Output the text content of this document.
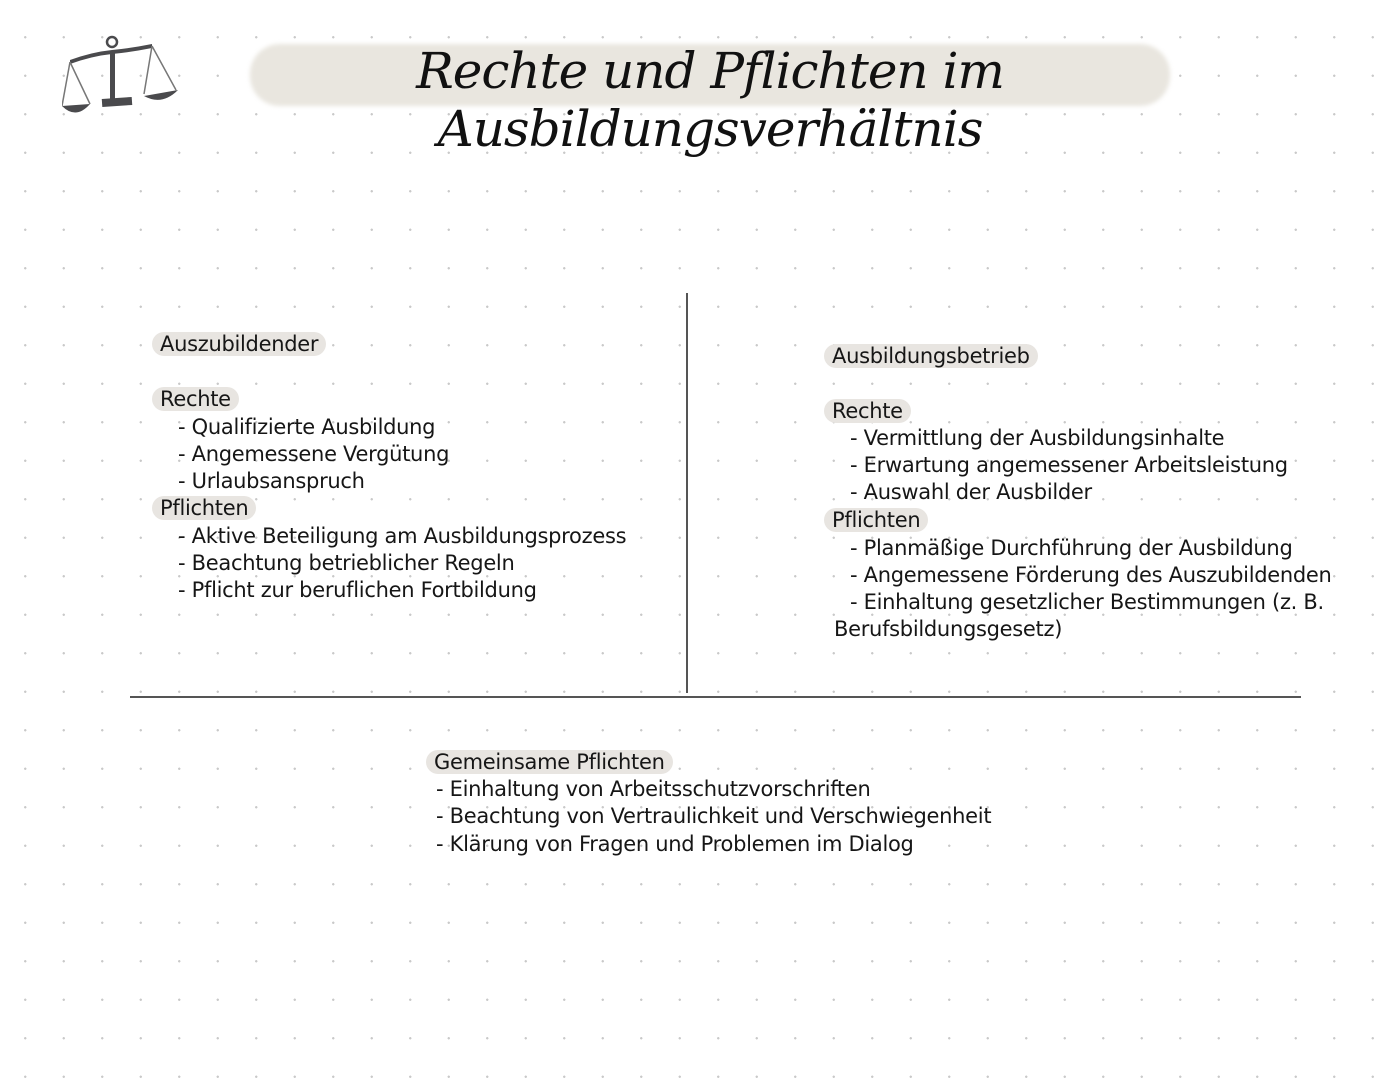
Rechte und Pflichten im Ausbildungsverhältnis
Auszubildender
Rechte
- Qualifizierte Ausbildung
- Angemessene Vergütung
- Urlaubsanspruch
Pflichten
- Aktive Beteiligung am Ausbildungsprozess
- Beachtung betrieblicher Regeln
- Pflicht zur beruflichen Fortbildung
Ausbildungsbetrieb
Rechte
- Vermittlung der Ausbildungsinhalte
- Erwartung angemessener Arbeitsleistung
- Auswahl der Ausbilder
Pflichten
- Planmäßige Durchführung der Ausbildung
- Angemessene Förderung des Auszubildenden
- Einhaltung gesetzlicher Bestimmungen (z. B.
Berufsbildungsgesetz)
Gemeinsame Pflichten
- Einhaltung von Arbeitsschutzvorschriften
- Beachtung von Vertraulichkeit und Verschwiegenheit
- Klärung von Fragen und Problemen im Dialog
